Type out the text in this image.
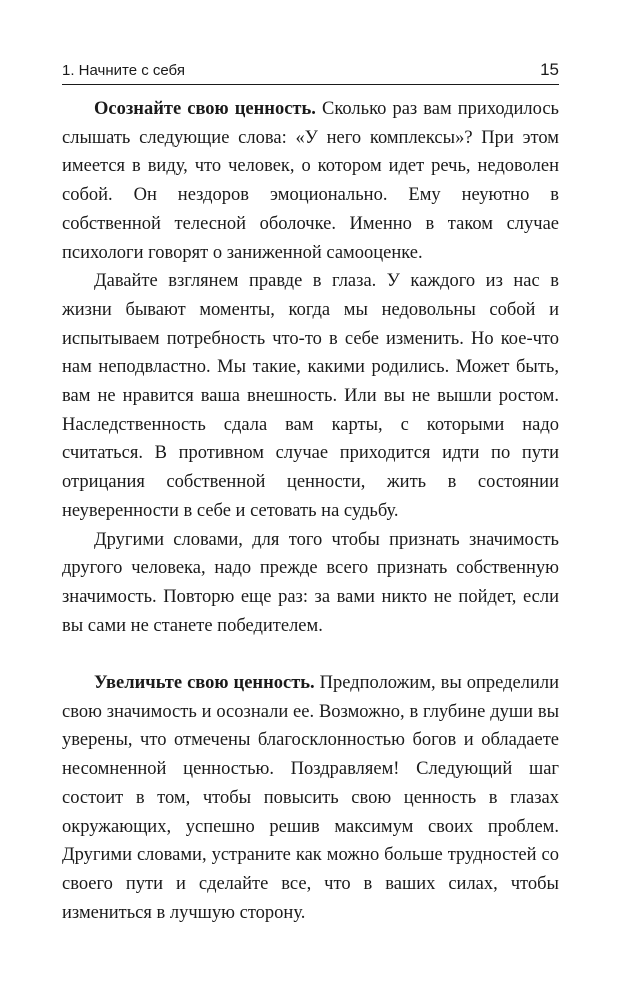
1. Начните с себя	15

Осознайте свою ценность. Сколько раз вам приходилось слышать следующие слова: «У него комплексы»? При этом имеется в виду, что человек, о котором идет речь, недоволен собой. Он нездоров эмоционально. Ему неуютно в собственной телесной оболочке. Именно в таком случае психологи говорят о заниженной самооценке.

Давайте взглянем правде в глаза. У каждого из нас в жизни бывают моменты, когда мы недовольны собой и испытываем потребность что-то в себе изменить. Но кое-что нам неподвластно. Мы такие, какими родились. Может быть, вам не нравится ваша внешность. Или вы не вышли ростом. Наследственность сдала вам карты, с которыми надо считаться. В противном случае приходится идти по пути отрицания собственной ценности, жить в состоянии неуверенности в себе и сетовать на судьбу.

Другими словами, для того чтобы признать значимость другого человека, надо прежде всего признать собственную значимость. Повторю еще раз: за вами никто не пойдет, если вы сами не станете победителем.

Увеличьте свою ценность. Предположим, вы определили свою значимость и осознали ее. Возможно, в глубине души вы уверены, что отмечены благосклонностью богов и обладаете несомненной ценностью. Поздравляем! Следующий шаг состоит в том, чтобы повысить свою ценность в глазах окружающих, успешно решив максимум своих проблем. Другими словами, устраните как можно больше трудностей со своего пути и сделайте все, что в ваших силах, чтобы измениться в лучшую сторону.
